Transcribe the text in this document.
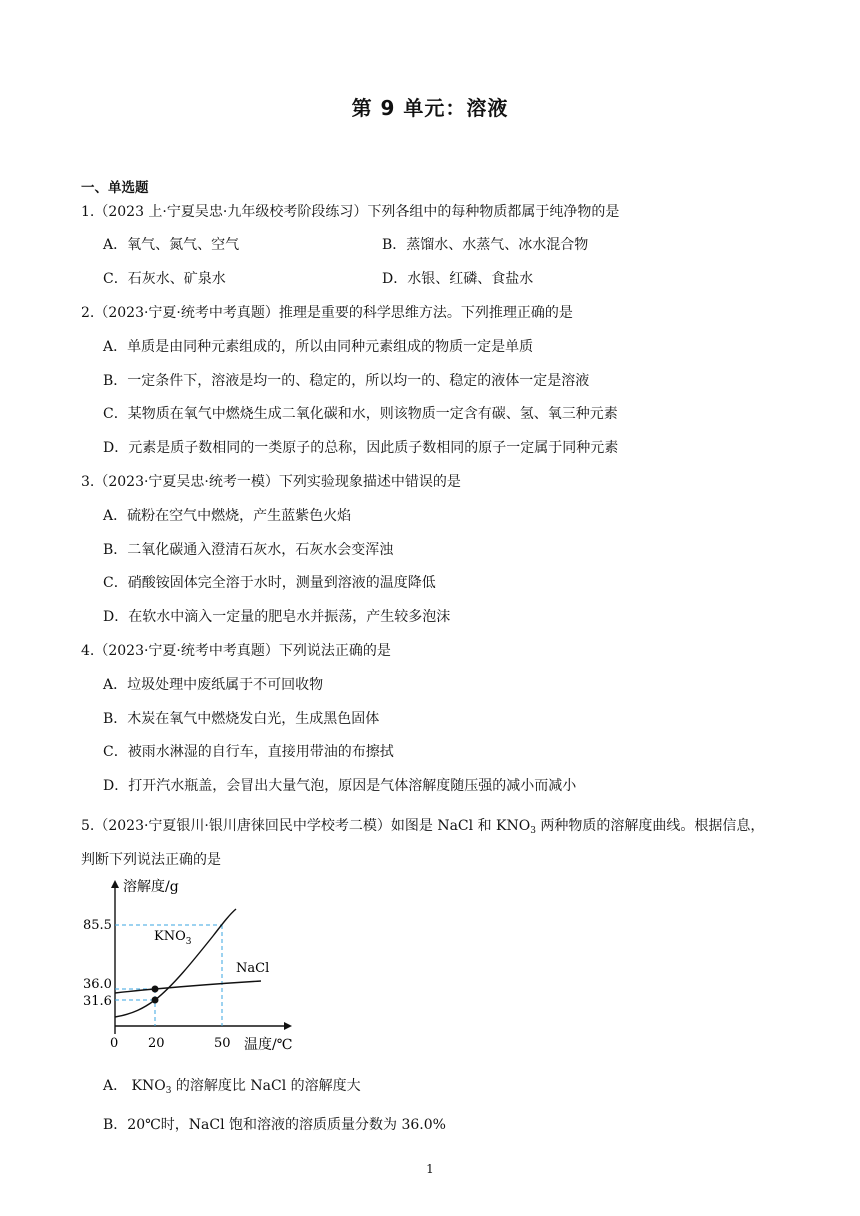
第 9 单元：溶液
一、单选题
1.（2023 上·宁夏吴忠·九年级校考阶段练习）下列各组中的每种物质都属于纯净物的是
A．氧气、氮气、空气	B．蒸馏水、水蒸气、冰水混合物
C．石灰水、矿泉水	D．水银、红磷、食盐水
2.（2023·宁夏·统考中考真题）推理是重要的科学思维方法。下列推理正确的是
A．单质是由同种元素组成的，所以由同种元素组成的物质一定是单质
B．一定条件下，溶液是均一的、稳定的，所以均一的、稳定的液体一定是溶液
C．某物质在氧气中燃烧生成二氧化碳和水，则该物质一定含有碳、氢、氧三种元素
D．元素是质子数相同的一类原子的总称，因此质子数相同的原子一定属于同种元素
3.（2023·宁夏吴忠·统考一模）下列实验现象描述中错误的是
A．硫粉在空气中燃烧，产生蓝紫色火焰
B．二氧化碳通入澄清石灰水，石灰水会变浑浊
C．硝酸铵固体完全溶于水时，测量到溶液的温度降低
D．在软水中滴入一定量的肥皂水并振荡，产生较多泡沫
4.（2023·宁夏·统考中考真题）下列说法正确的是
A．垃圾处理中废纸属于不可回收物
B．木炭在氧气中燃烧发白光，生成黑色固体
C．被雨水淋湿的自行车，直接用带油的布擦拭
D．打开汽水瓶盖，会冒出大量气泡，原因是气体溶解度随压强的减小而减小
5.（2023·宁夏银川·银川唐徕回民中学校考二模）如图是 NaCl 和 $KNO_3$ 两种物质的溶解度曲线。根据信息，
判断下列说法正确的是
溶解度/g
温度/℃
85.5
36.0
31.6
0 20	50
$KNO_3$
NaCl
A． $KNO_3$ 的溶解度比 NaCl 的溶解度大
B．20℃时，NaCl 饱和溶液的溶质质量分数为 36.0%
1
